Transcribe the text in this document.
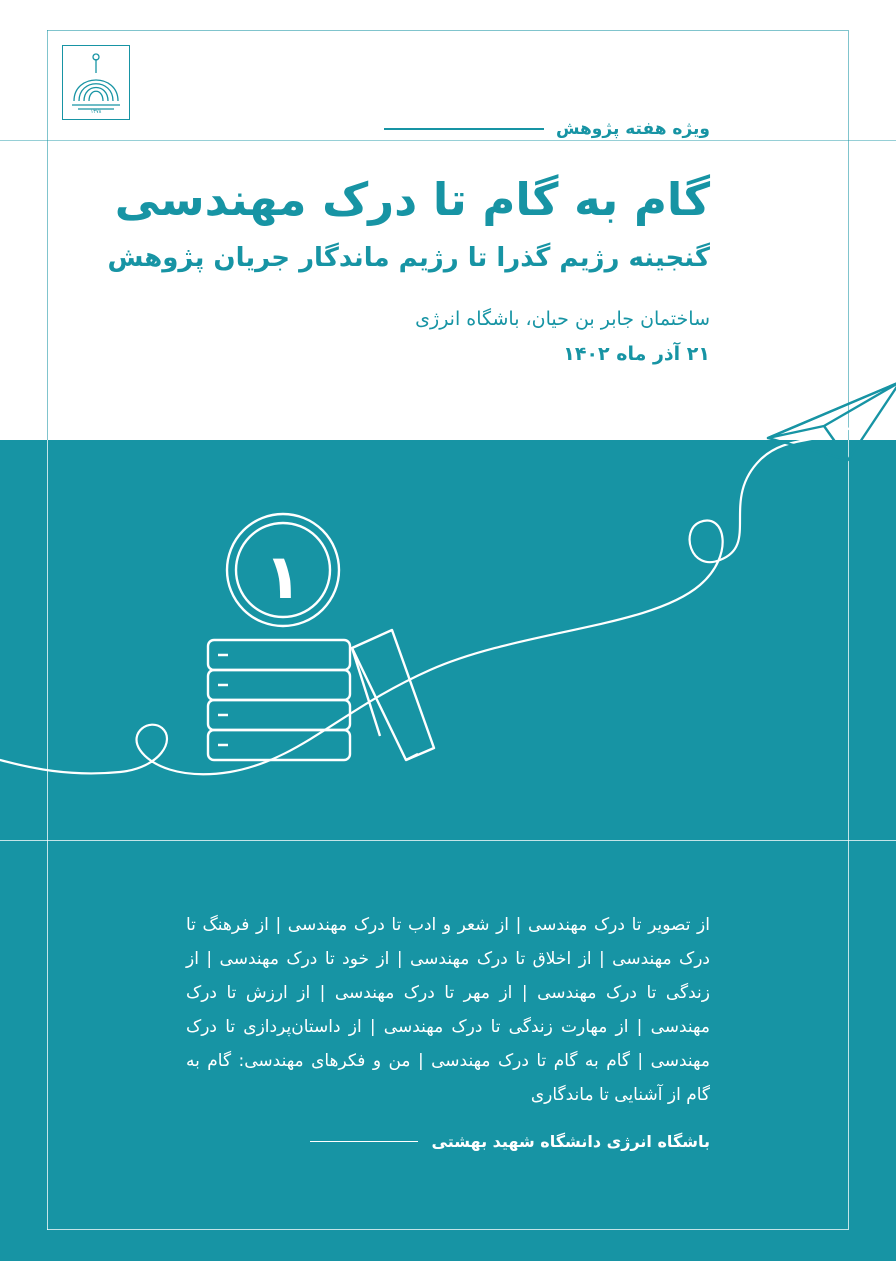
۱۳۷۸
ویژه هفته پژوهش
گام به گام تا درک مهندسی
گنجینه رژیم گذرا تا رژیم ماندگار جریان پژوهش
ساختمان جابر بن حیان، باشگاه انرژی
۲۱ آذر ماه ۱۴۰۲
۱
از تصویر تا درک مهندسی | از شعر و ادب تا درک مهندسی | از فرهنگ تا درک مهندسی | از اخلاق تا درک مهندسی | از خود تا درک مهندسی | از زندگی تا درک مهندسی | از مهر تا درک مهندسی | از ارزش تا درک مهندسی | از مهارت زندگی تا درک مهندسی | از داستان‌پردازی تا درک مهندسی | گام به گام تا درک مهندسی | من و فکرهای مهندسی: گام به گام از آشنایی تا ماندگاری
باشگاه انرژی دانشگاه شهید بهشتی
